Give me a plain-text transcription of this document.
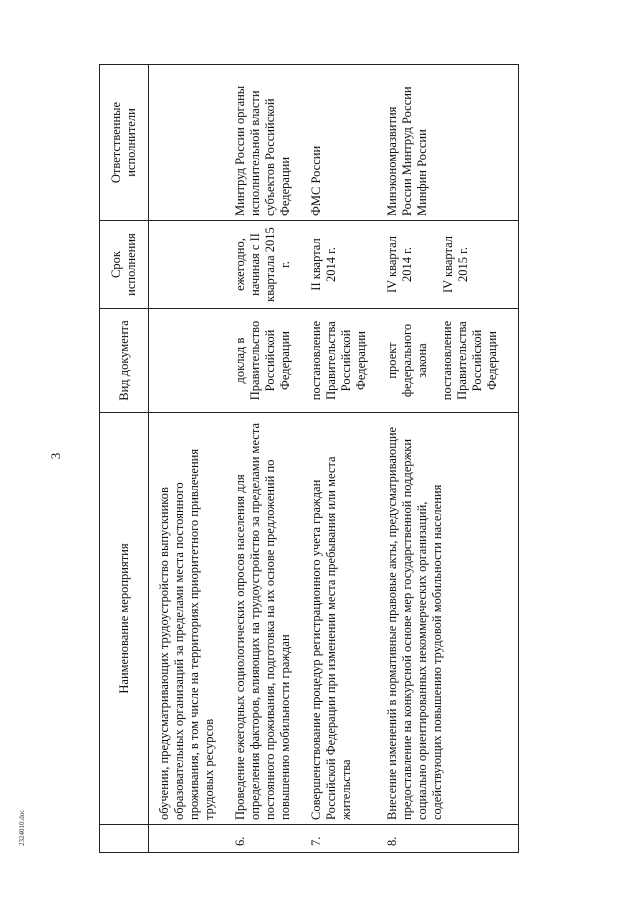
3
2324010.doc
	Наименование мероприятия	Вид документа	Срок исполнения	Ответственные исполнители
	обучении, предусматривающих трудоустройство выпускников образовательных организаций за пределами места постоянного проживания, в том числе на территориях приоритетного привлечения трудовых ресурсов			
6.	Проведение ежегодных социологических опросов населения для определения факторов, влияющих на трудоустройство за пределами места постоянного проживания, подготовка на их основе предложений по повышению мобильности граждан	доклад в Правительство Российской Федерации	ежегодно, начиная с II квартала 2015 г.	Минтруд России органы исполнительной власти субъектов Российской Федерации
7.	Совершенствование процедур регистрационного учета граждан Российской Федерации при изменении места пребывания или места жительства	постановление Правительства Российской Федерации	II квартал 2014 г.	ФМС России
8.	Внесение изменений в нормативные правовые акты, предусматривающие предоставление на конкурсной основе мер государственной поддержки социально ориентированных некоммерческих организаций, содействующих повышению трудовой мобильности населения	проект федерального закона постановление Правительства Российской Федерации	IV квартал 2014 г. IV квартал 2015 г.	Минэкономразвития России Минтруд России Минфин России
